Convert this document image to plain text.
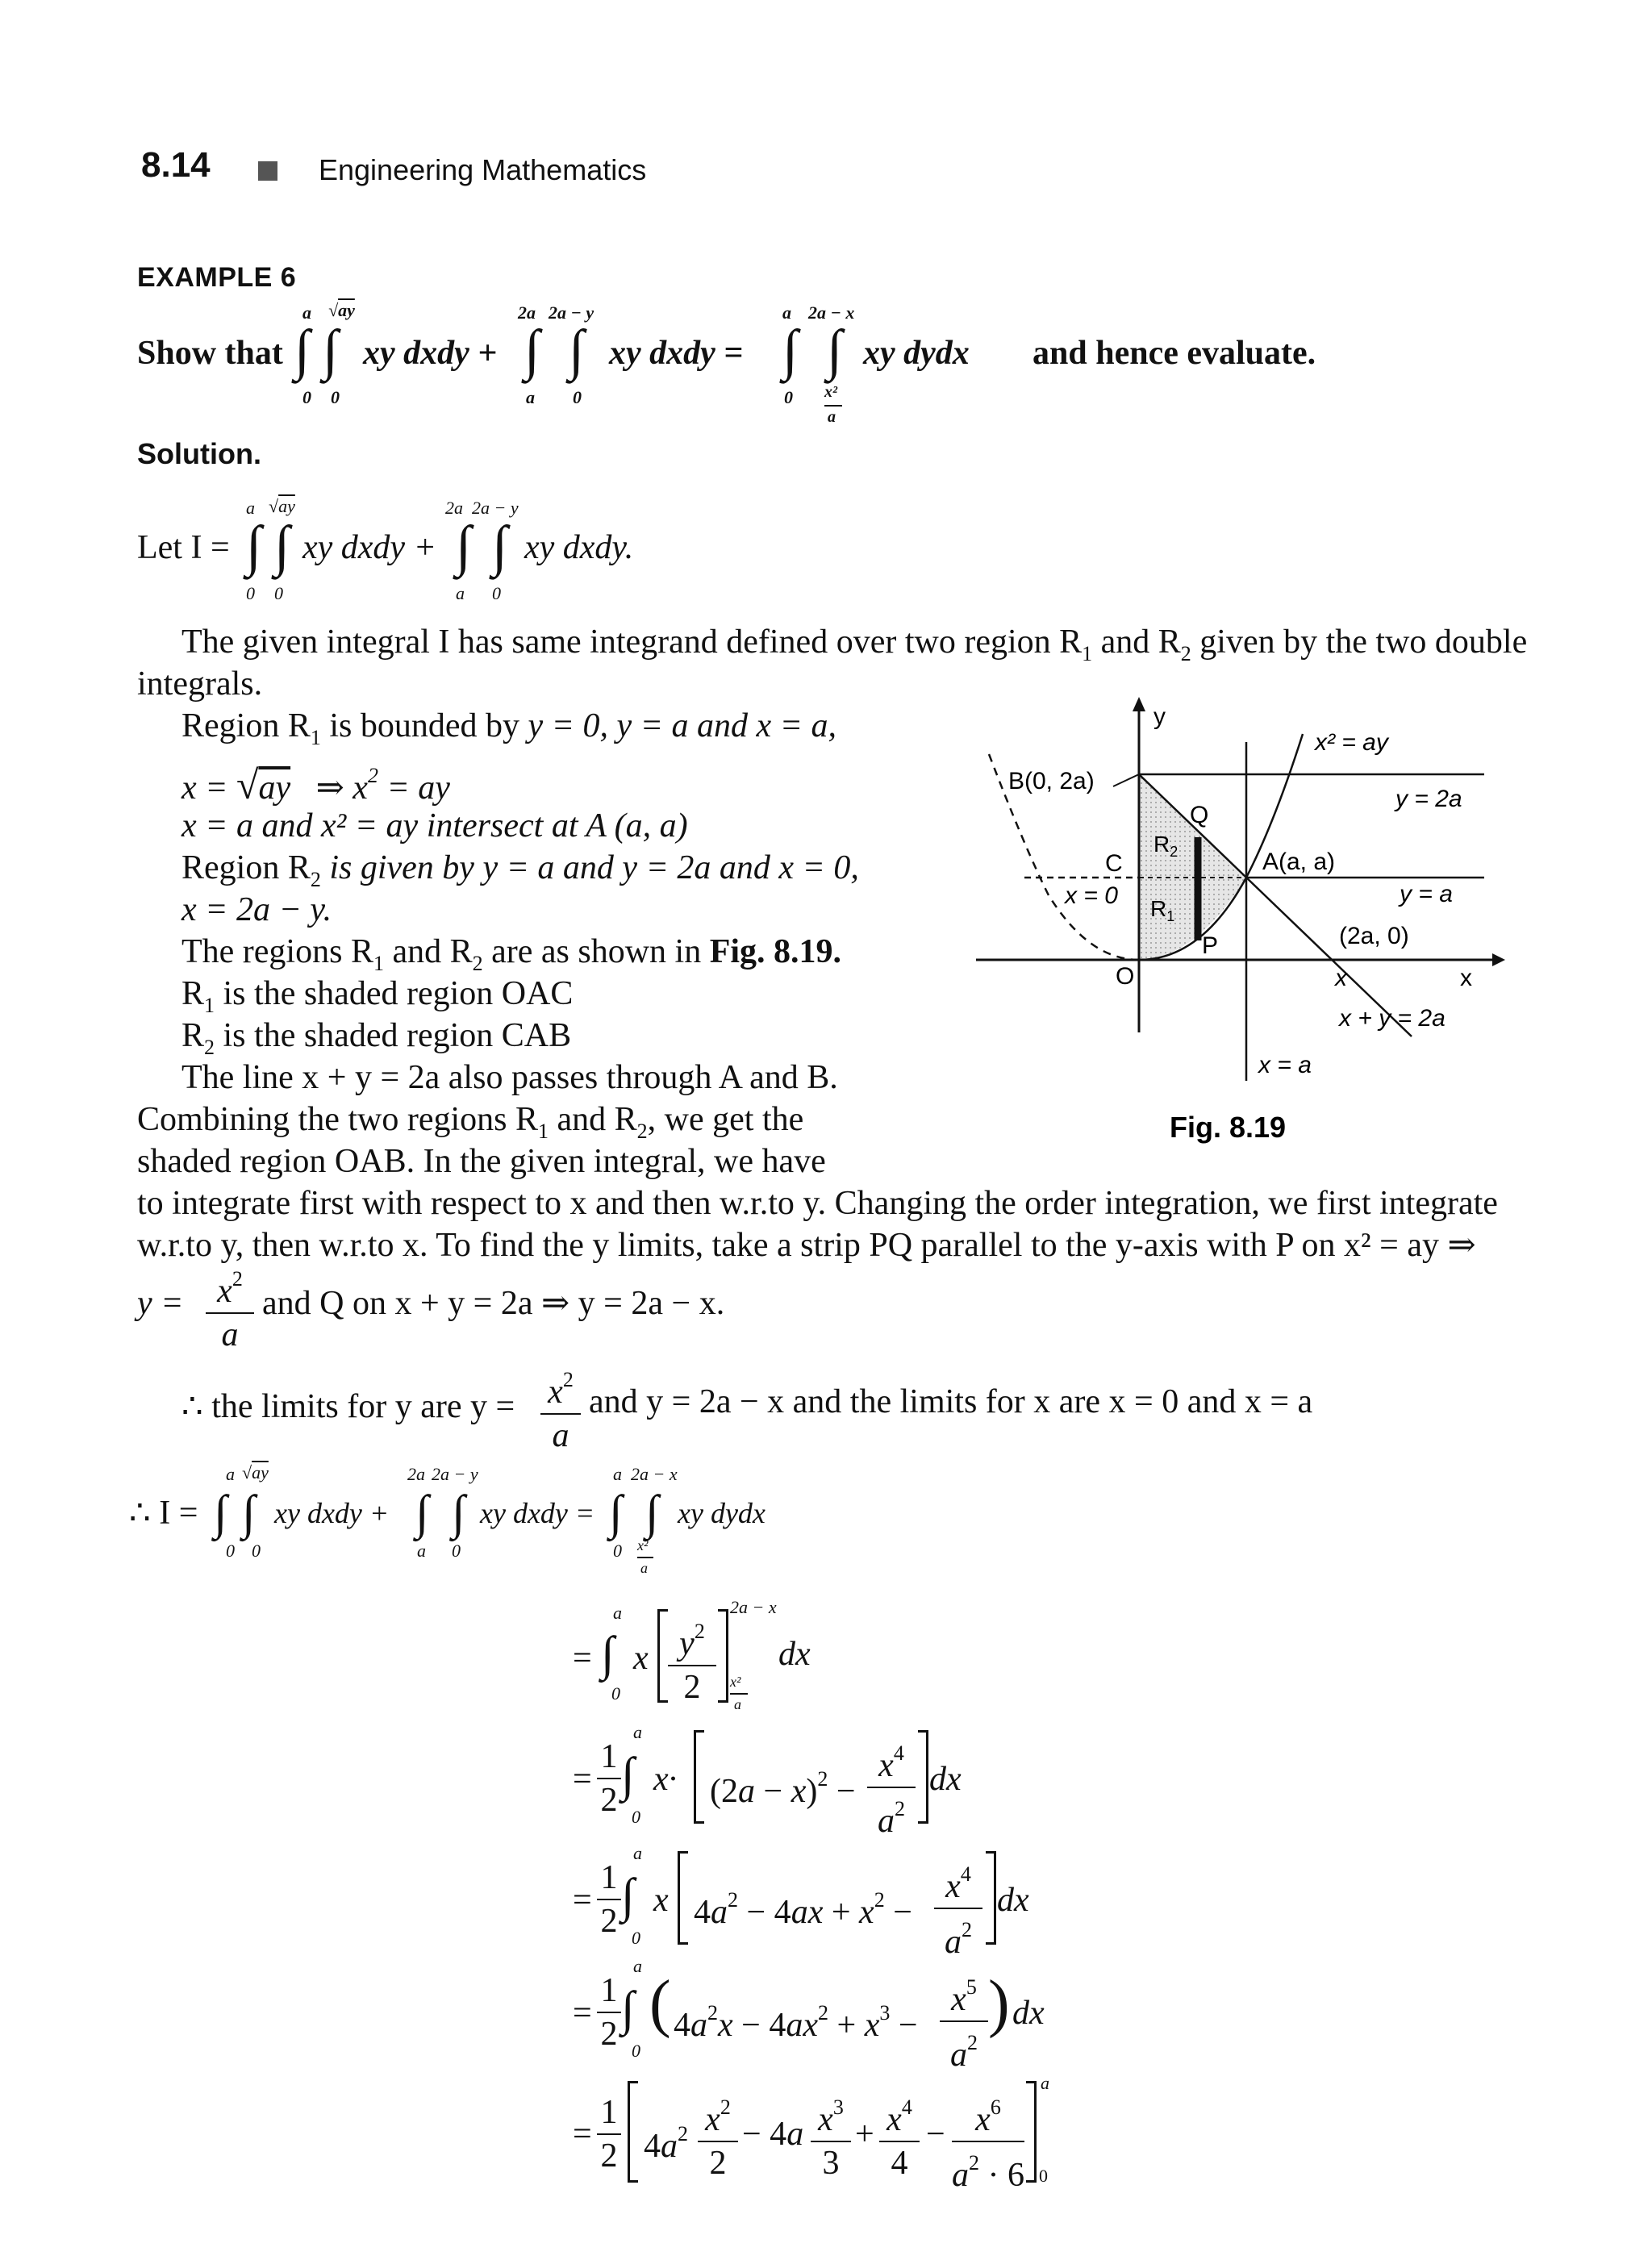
8.14	Engineering Mathematics
EXAMPLE 6
Show that ∫ ∫
a √ay
0 0
xy dxdy + ∫ ∫
2a 2a − y
a 0
xy dxdy = ∫ ∫
a 2a − x
0 x²
a
xy dydx and hence evaluate.
Solution.
Let I = ∫ ∫
a √ay
0 0
xy dxdy + ∫ ∫
2a 2a − y
a 0
xy dxdy.
The given integral I has same integrand defined over two region $R_1$ and $R_2$ given by the two double
integrals.
Region $R_1$ is bounded by y = 0, y = a and x = a,
x = √ay ⇒ $x^2$ = ay
x = a and x² = ay intersect at A (a, a)
Region $R_2$ is given by y = a and y = 2a and x = 0,
x = 2a − y.
The regions $R_1$ and $R_2$ are as shown in Fig. 8.19.
$R_1$ is the shaded region OAC
$R_2$ is the shaded region CAB
The line x + y = 2a also passes through A and B.
Combining the two regions $R_1$ and $R_2$, we get the
shaded region OAB. In the given integral, we have
to integrate first with respect to x and then w.r.to y. Changing the order integration, we first integrate
w.r.to y, then w.r.to x. To find the y limits, take a strip PQ parallel to the y-axis with P on x² = ay ⇒
$y = x^2$
a
and Q on x + y = 2a ⇒ y = 2a − x.
∴ the limits for y are $y = x^2$
a
and y = 2a − x and the limits for x are x = 0 and x = a
∴ I = ∫ ∫
a √ay
0 0
xy dxdy + ∫ ∫
2a 2a − y
a 0
xy dxdy = ∫ ∫
a 2a − x
0 x²
a
xy dydx
= ∫
a
0
x $y^2$
2
2a − x
x²
a
dx
=
1
2 ∫
a
0
$x\cdot (2a - x)^2$ −
$x^4$
$a^2$
dx
=
1
2 ∫
a
0
x $4a^2 - 4ax + x^2$ −
$x^4$
$a^2$
dx
=
1
2 ∫
a
0
( $4a^2x - 4ax^2 + x^3$ −
$x^5$
$a^2$
) dx
=
1
2 $4a^2$ $x^2$
2
− 4a $x^3$
3
+ $x^4$
4
− $x^6$
$a^2 \cdot 6$
a
0
y
x² = ay
y = 2a
B(0, 2a)
Q
$R_2$	A(a, a)
C
x = 0	y = a
$R_1$
(2a, 0)
P
O	x	x
x + y = 2a
x = a
Fig. 8.19
